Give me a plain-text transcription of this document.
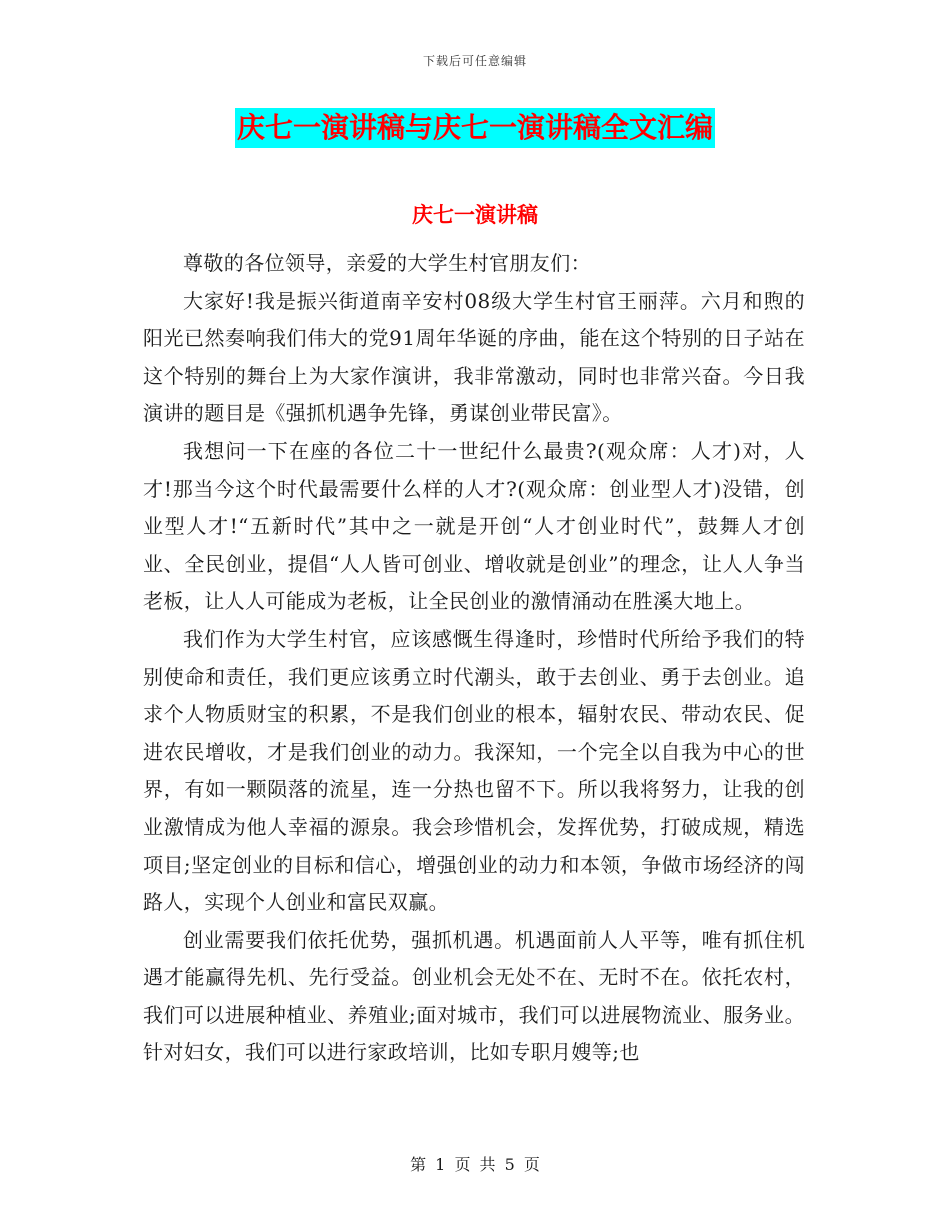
下载后可任意编辑
庆七一演讲稿与庆七一演讲稿全文汇编
庆七一演讲稿

尊敬的各位领导，亲爱的大学生村官朋友们：

大家好!我是振兴街道南辛安村08级大学生村官王丽萍。六月和煦的阳光已然奏响我们伟大的党91周年华诞的序曲，能在这个特别的日子站在这个特别的舞台上为大家作演讲，我非常激动，同时也非常兴奋。今日我演讲的题目是《强抓机遇争先锋，勇谋创业带民富》。

我想问一下在座的各位二十一世纪什么最贵?(观众席：人才)对，人才!那当今这个时代最需要什么样的人才?(观众席：创业型人才)没错，创业型人才!“五新时代”其中之一就是开创“人才创业时代”，鼓舞人才创业、全民创业，提倡“人人皆可创业、增收就是创业”的理念，让人人争当老板，让人人可能成为老板，让全民创业的激情涌动在胜溪大地上。

我们作为大学生村官，应该感慨生得逢时，珍惜时代所给予我们的特别使命和责任，我们更应该勇立时代潮头，敢于去创业、勇于去创业。追求个人物质财宝的积累，不是我们创业的根本，辐射农民、带动农民、促进农民增收，才是我们创业的动力。我深知，一个完全以自我为中心的世界，有如一颗陨落的流星，连一分热也留不下。所以我将努力，让我的创业激情成为他人幸福的源泉。我会珍惜机会，发挥优势，打破成规，精选项目;坚定创业的目标和信心，增强创业的动力和本领，争做市场经济的闯路人，实现个人创业和富民双赢。

创业需要我们依托优势，强抓机遇。机遇面前人人平等，唯有抓住机遇才能赢得先机、先行受益。创业机会无处不在、无时不在。依托农村，我们可以进展种植业、养殖业;面对城市，我们可以进展物流业、服务业。针对妇女，我们可以进行家政培训，比如专职月嫂等;也

第 1 页 共 5 页
